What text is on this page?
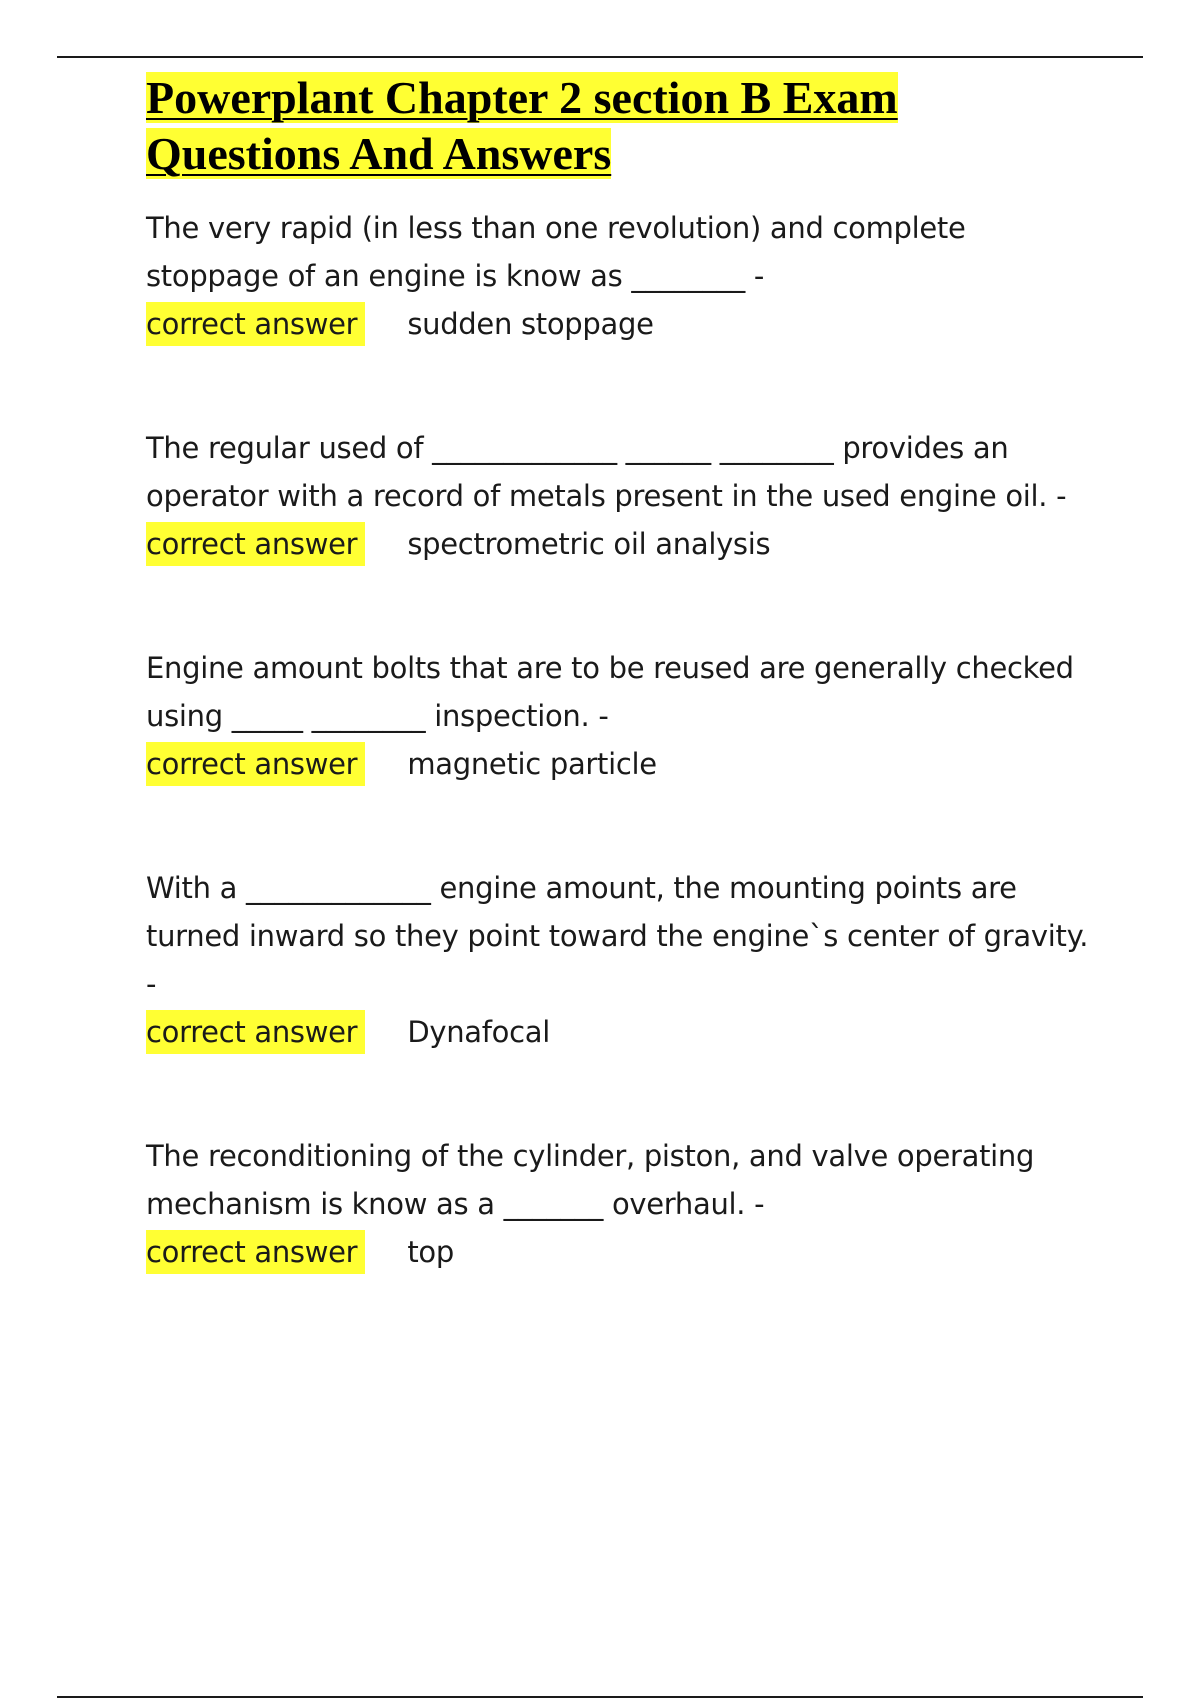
Powerplant Chapter 2 section B Exam
Questions And Answers

The very rapid (in less than one revolution) and complete stoppage of an engine is know as ________ -

correct answer sudden stoppage

The regular used of _____________ ______ ________ provides an operator with a record of metals present in the used engine oil. -

correct answer spectrometric oil analysis

Engine amount bolts that are to be reused are generally checked using _____ ________ inspection. -

correct answer magnetic particle

With a _____________ engine amount, the mounting points are turned inward so they point toward the engine`s center of gravity. -

correct answer Dynafocal

The reconditioning of the cylinder, piston, and valve operating mechanism is know as a _______ overhaul. -

correct answer top
